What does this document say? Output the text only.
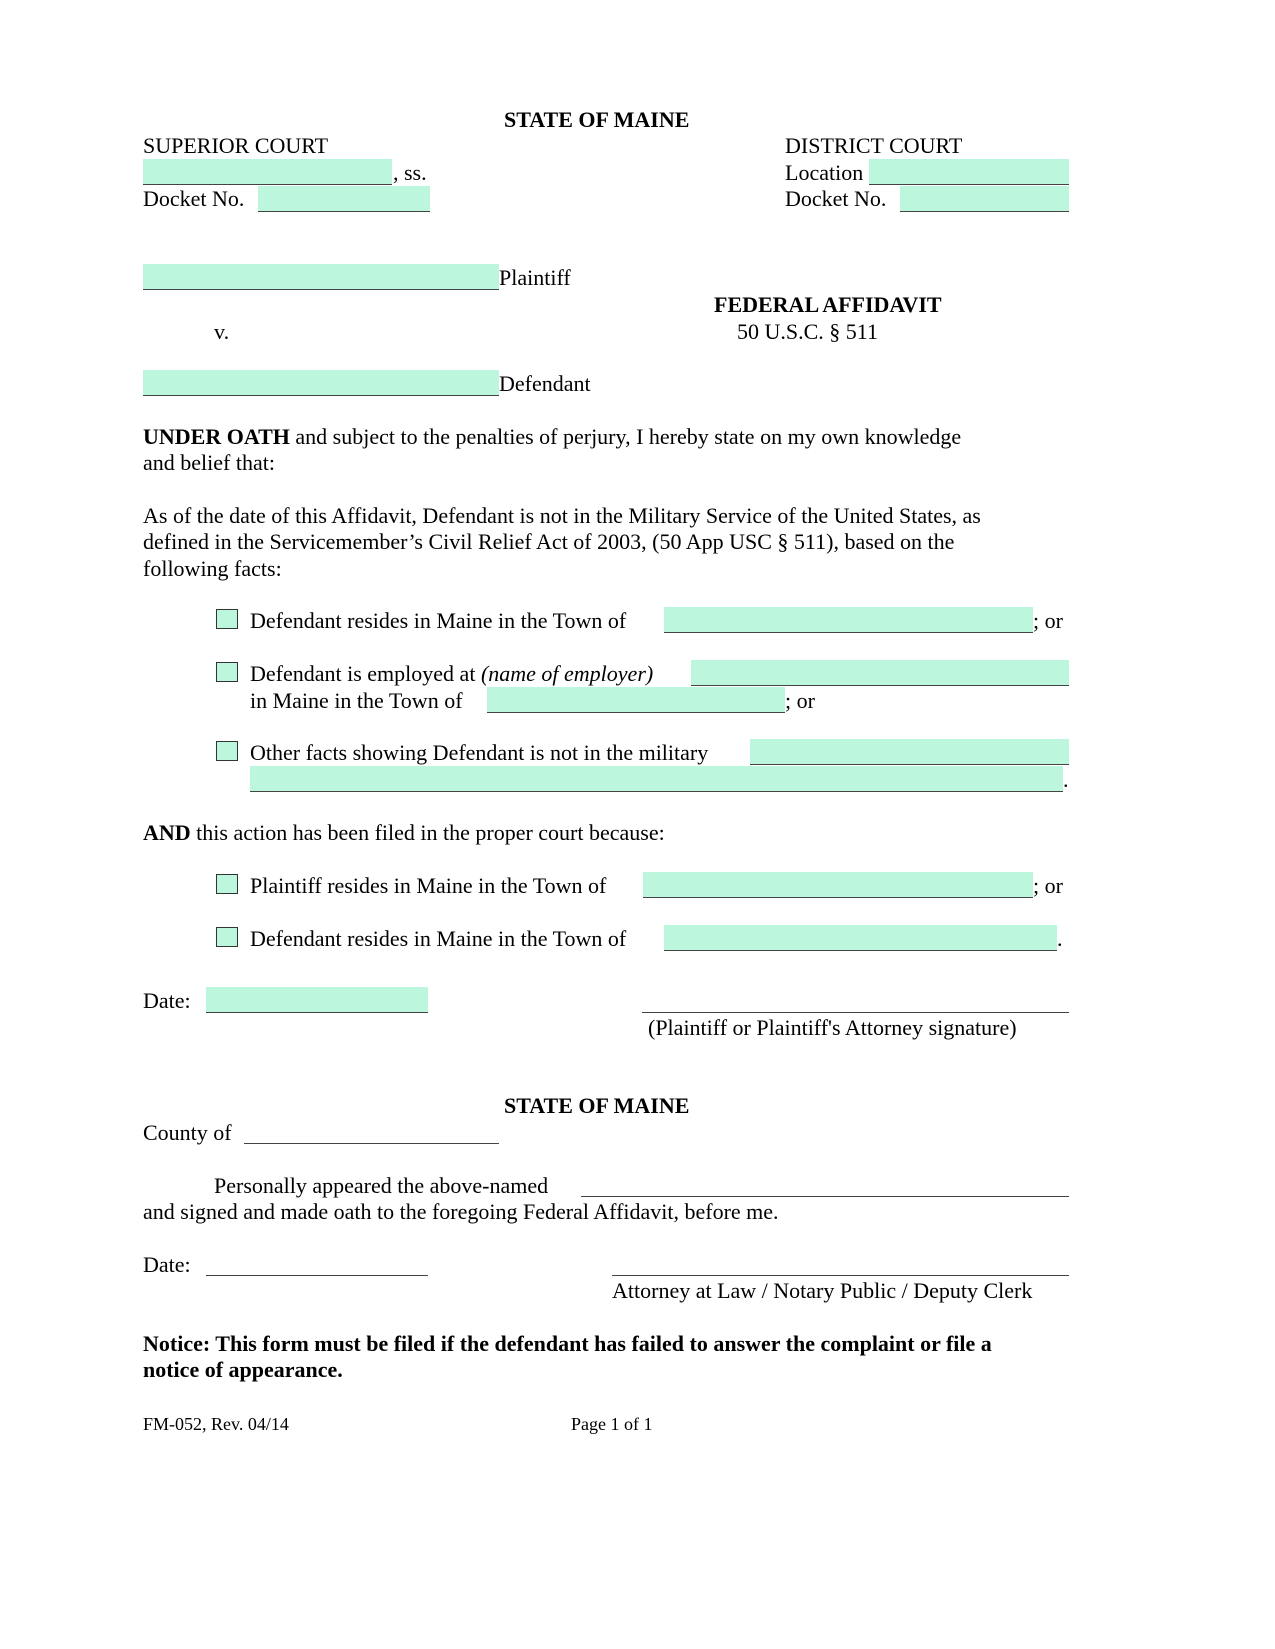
STATE OF MAINE
SUPERIOR COURT
, ss.
Docket No.
DISTRICT COURT
Location
Docket No.
Plaintiff
FEDERAL AFFIDAVIT
v.	50 U.S.C. § 511
Defendant
UNDER OATH and subject to the penalties of perjury, I hereby state on my own knowledge
and belief that:
As of the date of this Affidavit, Defendant is not in the Military Service of the United States, as
defined in the Servicemember’s Civil Relief Act of 2003, (50 App USC § 511), based on the
following facts:
Defendant resides in Maine in the Town of	; or
Defendant is employed at (name of employer)
in Maine in the Town of	; or
Other facts showing Defendant is not in the military
.
AND this action has been filed in the proper court because:
Plaintiff resides in Maine in the Town of	; or
Defendant resides in Maine in the Town of	.
Date:
(Plaintiff or Plaintiff's Attorney signature)
STATE OF MAINE
County of
Personally appeared the above-named
and signed and made oath to the foregoing Federal Affidavit, before me.
Date:
Attorney at Law / Notary Public / Deputy Clerk
Notice: This form must be filed if the defendant has failed to answer the complaint or file a
notice of appearance.
FM-052, Rev. 04/14	Page 1 of 1
